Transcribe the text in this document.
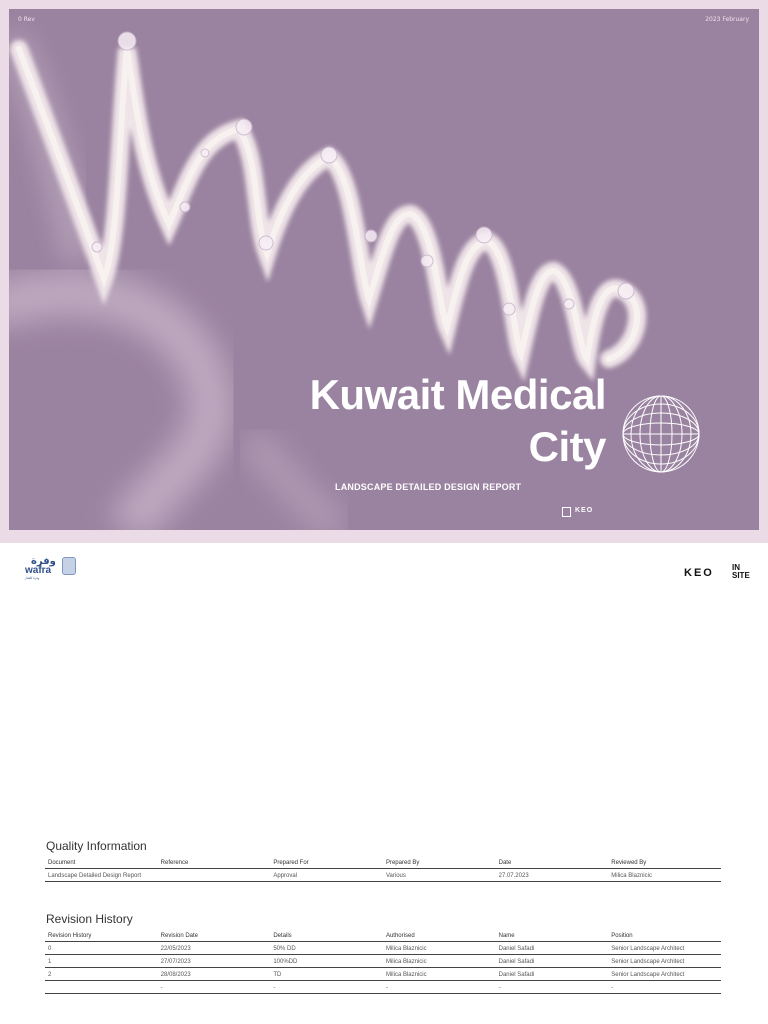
0 Rev	2023 February
Kuwait Medical
City
LANDSCAPE DETAILED DESIGN REPORT
KEO
وفرة
wafra
وفرة للعقار	KEO IN
SITE
Quality Information
Document	Reference	Prepared For	Prepared By	Date	Reviewed By
Landscape Detailed Design Report		Approval	Various	27.07.2023	Milica Blaznicic
Revision History
Revision History	Revision Date	Details	Authorised	Name	Position
0	22/05/2023	50% DD	Milica Blaznicic	Daniel Safadi	Senior Landscape Architect
1	27/07/2023	100%DD	Milica Blaznicic	Daniel Safadi	Senior Landscape Architect
2	28/08/2023	TD	Milica Blaznicic	Daniel Safadi	Senior Landscape Architect
	-	-	-	-	-
